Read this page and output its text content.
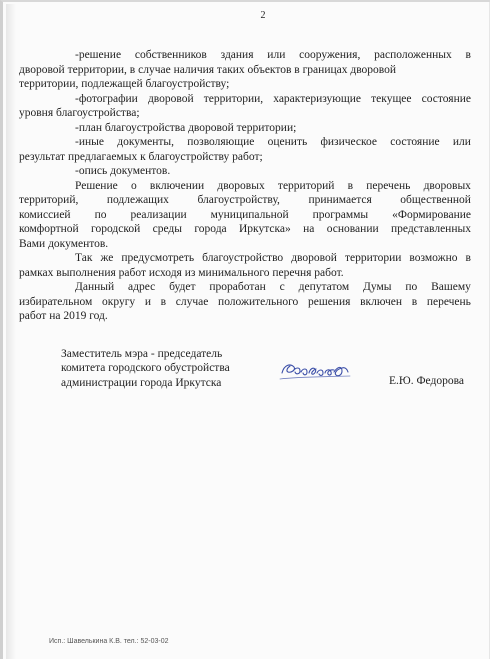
2
-решение собственников здания или сооружения, расположенных в
дворовой территории, в случае наличия таких объектов в границах дворовой
территории, подлежащей благоустройству;
-фотографии дворовой территории, характеризующие текущее состояние
уровня благоустройства;
-план благоустройства дворовой территории;
-иные документы, позволяющие оценить физическое состояние или
результат предлагаемых к благоустройству работ;
-опись документов.
Решение о включении дворовых территорий в перечень дворовых
территорий, подлежащих благоустройству, принимается общественной
комиссией по реализации муниципальной программы «Формирование
комфортной городской среды города Иркутска» на основании представленных
Вами документов.
Так же предусмотреть благоустройство дворовой территории возможно в
рамках выполнения работ исходя из минимального перечня работ.
Данный адрес будет проработан с депутатом Думы по Вашему
избирательном округу и в случае положительного решения включен в перечень
работ на 2019 год.
Заместитель мэра - председатель
комитета городского обустройства
администрации города Иркутска	Е.Ю. Федорова
Исп.: Шавелькина К.В. тел.: 52-03-02
